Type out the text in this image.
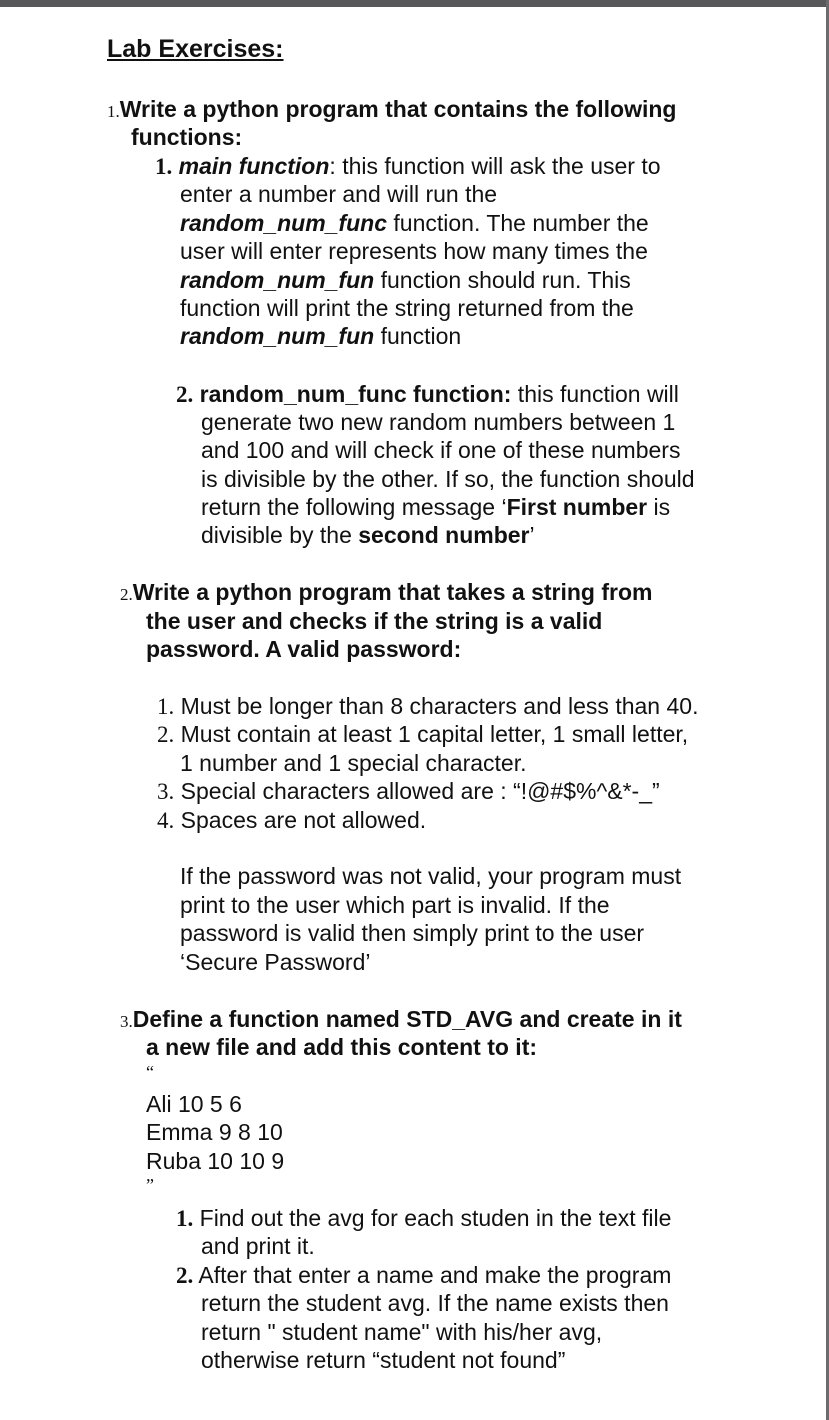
Lab Exercises:
1.Write a python program that contains the following
functions:
1. main function: this function will ask the user to
enter a number and will run the
random_num_func function. The number the
user will enter represents how many times the
random_num_fun function should run. This
function will print the string returned from the
random_num_fun function
2. random_num_func function: this function will
generate two new random numbers between 1
and 100 and will check if one of these numbers
is divisible by the other. If so, the function should
return the following message ‘First number is
divisible by the second number’
2.Write a python program that takes a string from
the user and checks if the string is a valid
password. A valid password:
1. Must be longer than 8 characters and less than 40.
2. Must contain at least 1 capital letter, 1 small letter,
1 number and 1 special character.
3. Special characters allowed are : “!@#$%^&*-_”
4. Spaces are not allowed.
If the password was not valid, your program must
print to the user which part is invalid. If the
password is valid then simply print to the user
‘Secure Password’
3.Define a function named STD_AVG and create in it
a new file and add this content to it:
“
Ali 10 5 6
Emma 9 8 10
Ruba 10 10 9
”
1. Find out the avg for each studen in the text file
and print it.
2. After that enter a name and make the program
return the student avg. If the name exists then
return " student name" with his/her avg,
otherwise return “student not found”
